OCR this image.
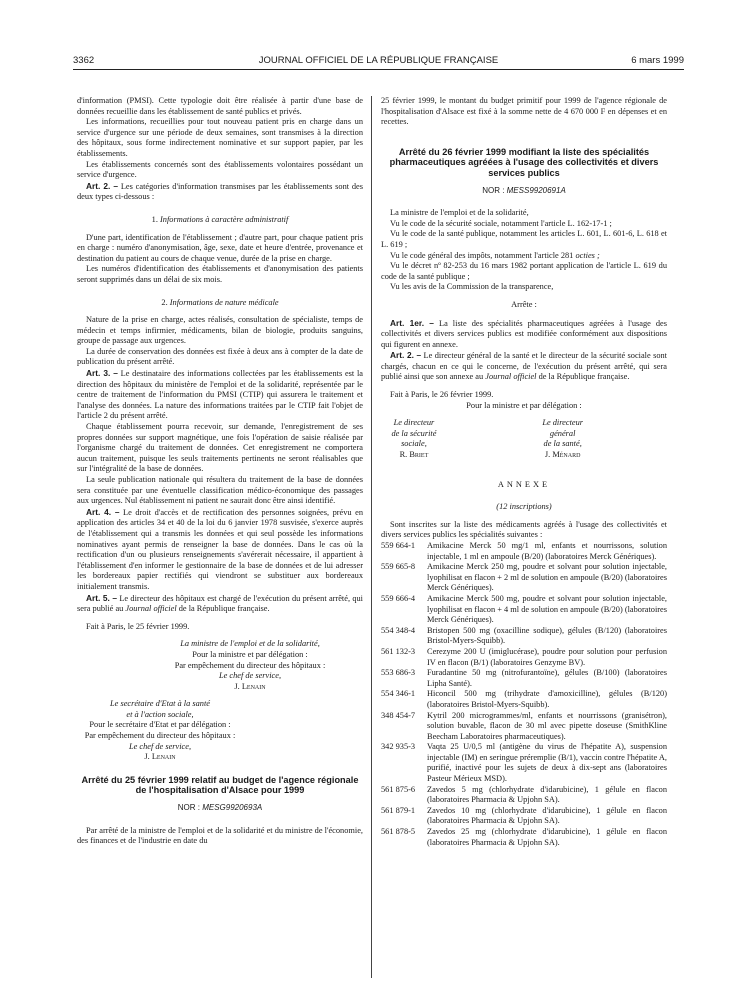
3362	JOURNAL OFFICIEL DE LA RÉPUBLIQUE FRANÇAISE	6 mars 1999

d'information (PMSI). Cette typologie doit être réalisée à partir d'une base de données recueillie dans les établissement de santé publics et privés.

Les informations, recueillies pour tout nouveau patient pris en charge dans un service d'urgence sur une période de deux semaines, sont transmises à la direction des hôpitaux, sous forme indirectement nominative et sur support papier, par les établissements.

Les établissements concernés sont des établissements volontaires possédant un service d'urgence.

Art. 2. – Les catégories d'information transmises par les établissements sont des deux types ci-dessous :

1. Informations à caractère administratif

D'une part, identification de l'établissement ; d'autre part, pour chaque patient pris en charge : numéro d'anonymisation, âge, sexe, date et heure d'entrée, provenance et destination du patient au cours de chaque venue, durée de la prise en charge.

Les numéros d'identification des établissements et d'anonymisation des patients seront supprimés dans un délai de six mois.

2. Informations de nature médicale

Nature de la prise en charge, actes réalisés, consultation de spécialiste, temps de médecin et temps infirmier, médicaments, bilan de biologie, produits sanguins, groupe de passage aux urgences.

La durée de conservation des données est fixée à deux ans à compter de la date de publication du présent arrêté.

Art. 3. – Le destinataire des informations collectées par les établissements est la direction des hôpitaux du ministère de l'emploi et de la solidarité, représentée par le centre de traitement de l'information du PMSI (CTIP) qui assurera le traitement et l'analyse des données. La nature des informations traitées par le CTIP fait l'objet de l'article 2 du présent arrêté.

Chaque établissement pourra recevoir, sur demande, l'enregistrement de ses propres données sur support magnétique, une fois l'opération de saisie réalisée par l'organisme chargé du traitement de données. Cet enregistrement ne comportera aucun traitement, puisque les seuls traitements pertinents ne seront réalisables que sur l'intégralité de la base de données.

La seule publication nationale qui résultera du traitement de la base de données sera constituée par une éventuelle classification médico-économique des passages aux urgences. Nul établissement ni patient ne saurait donc être ainsi identifié.

Art. 4. – Le droit d'accès et de rectification des personnes soignées, prévu en application des articles 34 et 40 de la loi du 6 janvier 1978 susvisée, s'exerce auprès de l'établissement qui a transmis les données et qui seul possède les informations nominatives ayant permis de renseigner la base de données. Dans le cas où la rectification d'un ou plusieurs renseignements s'avérerait nécessaire, il appartient à l'établissement d'en informer le gestionnaire de la base de données et de lui adresser les bordereaux papier rectifiés qui viendront se substituer aux bordereaux initialement transmis.

Art. 5. – Le directeur des hôpitaux est chargé de l'exécution du présent arrêté, qui sera publié au Journal officiel de la République française.

Fait à Paris, le 25 février 1999.

La ministre de l'emploi et de la solidarité,
Pour la ministre et par délégation :
Par empêchement du directeur des hôpitaux :
Le chef de service,
J. Lenain
Le secrétaire d'Etat à la santé
et à l'action sociale,
Pour le secrétaire d'Etat et par délégation :
Par empêchement du directeur des hôpitaux :
Le chef de service,
J. Lenain

Arrêté du 25 février 1999 relatif au budget de l'agence régionale de l'hospitalisation d'Alsace pour 1999

NOR : MESG9920693A

Par arrêté de la ministre de l'emploi et de la solidarité et du ministre de l'économie, des finances et de l'industrie en date du

25 février 1999, le montant du budget primitif pour 1999 de l'agence régionale de l'hospitalisation d'Alsace est fixé à la somme nette de 4 670 000 F en dépenses et en recettes.

Arrêté du 26 février 1999 modifiant la liste des spécialités pharmaceutiques agréées à l'usage des collectivités et divers services publics

NOR : MESS9920691A

La ministre de l'emploi et de la solidarité,

Vu le code de la sécurité sociale, notamment l'article L. 162-17-1 ;

Vu le code de la santé publique, notamment les articles L. 601, L. 601-6, L. 618 et L. 619 ;

Vu le code général des impôts, notamment l'article 281 octies ;

Vu le décret nº 82-253 du 16 mars 1982 portant application de l'article L. 619 du code de la santé publique ;

Vu les avis de la Commission de la transparence,

Arrête :

Art. 1er. – La liste des spécialités pharmaceutiques agréées à l'usage des collectivités et divers services publics est modifiée conformément aux dispositions qui figurent en annexe.

Art. 2. – Le directeur général de la santé et le directeur de la sécurité sociale sont chargés, chacun en ce qui le concerne, de l'exécution du présent arrêté, qui sera publié ainsi que son annexe au Journal officiel de la République française.

Fait à Paris, le 26 février 1999.

Pour la ministre et par délégation :

Le directeur
de la sécurité sociale,
R. Briet
Le directeur général
de la santé,
J. Ménard

ANNEXE

(12 inscriptions)

Sont inscrites sur la liste des médicaments agréés à l'usage des collectivités et divers services publics les spécialités suivantes :

559 664-1	Amikacine Merck 50 mg/1 ml, enfants et nourrissons, solution injectable, 1 ml en ampoule (B/20) (laboratoires Merck Génériques).
559 665-8	Amikacine Merck 250 mg, poudre et solvant pour solution injectable, lyophilisat en flacon + 2 ml de solution en ampoule (B/20) (laboratoires Merck Génériques).
559 666-4	Amikacine Merck 500 mg, poudre et solvant pour solution injectable, lyophilisat en flacon + 4 ml de solution en ampoule (B/20) (laboratoires Merck Génériques).
554 348-4	Bristopen 500 mg (oxacilline sodique), gélules (B/120) (laboratoires Bristol-Myers-Squibb).
561 132-3	Cerezyme 200 U (imiglucérase), poudre pour solution pour perfusion IV en flacon (B/1) (laboratoires Genzyme BV).
553 686-3	Furadantine 50 mg (nitrofurantoïne), gélules (B/100) (laboratoires Lipha Santé).
554 346-1	Hiconcil 500 mg (trihydrate d'amoxicilline), gélules (B/120) (laboratoires Bristol-Myers-Squibb).
348 454-7	Kytril 200 microgrammes/ml, enfants et nourrissons (granisétron), solution buvable, flacon de 30 ml avec pipette doseuse (SmithKline Beecham Laboratoires pharmaceutiques).
342 935-3	Vaqta 25 U/0,5 ml (antigène du virus de l'hépatite A), suspension injectable (IM) en seringue préremplie (B/1), vaccin contre l'hépatite A, purifié, inactivé pour les sujets de deux à dix-sept ans (laboratoires Pasteur Mérieux MSD).
561 875-6	Zavedos 5 mg (chlorhydrate d'idarubicine), 1 gélule en flacon (laboratoires Pharmacia & Upjohn SA).
561 879-1	Zavedos 10 mg (chlorhydrate d'idarubicine), 1 gélule en flacon (laboratoires Pharmacia & Upjohn SA).
561 878-5	Zavedos 25 mg (chlorhydrate d'idarubicine), 1 gélule en flacon (laboratoires Pharmacia & Upjohn SA).
